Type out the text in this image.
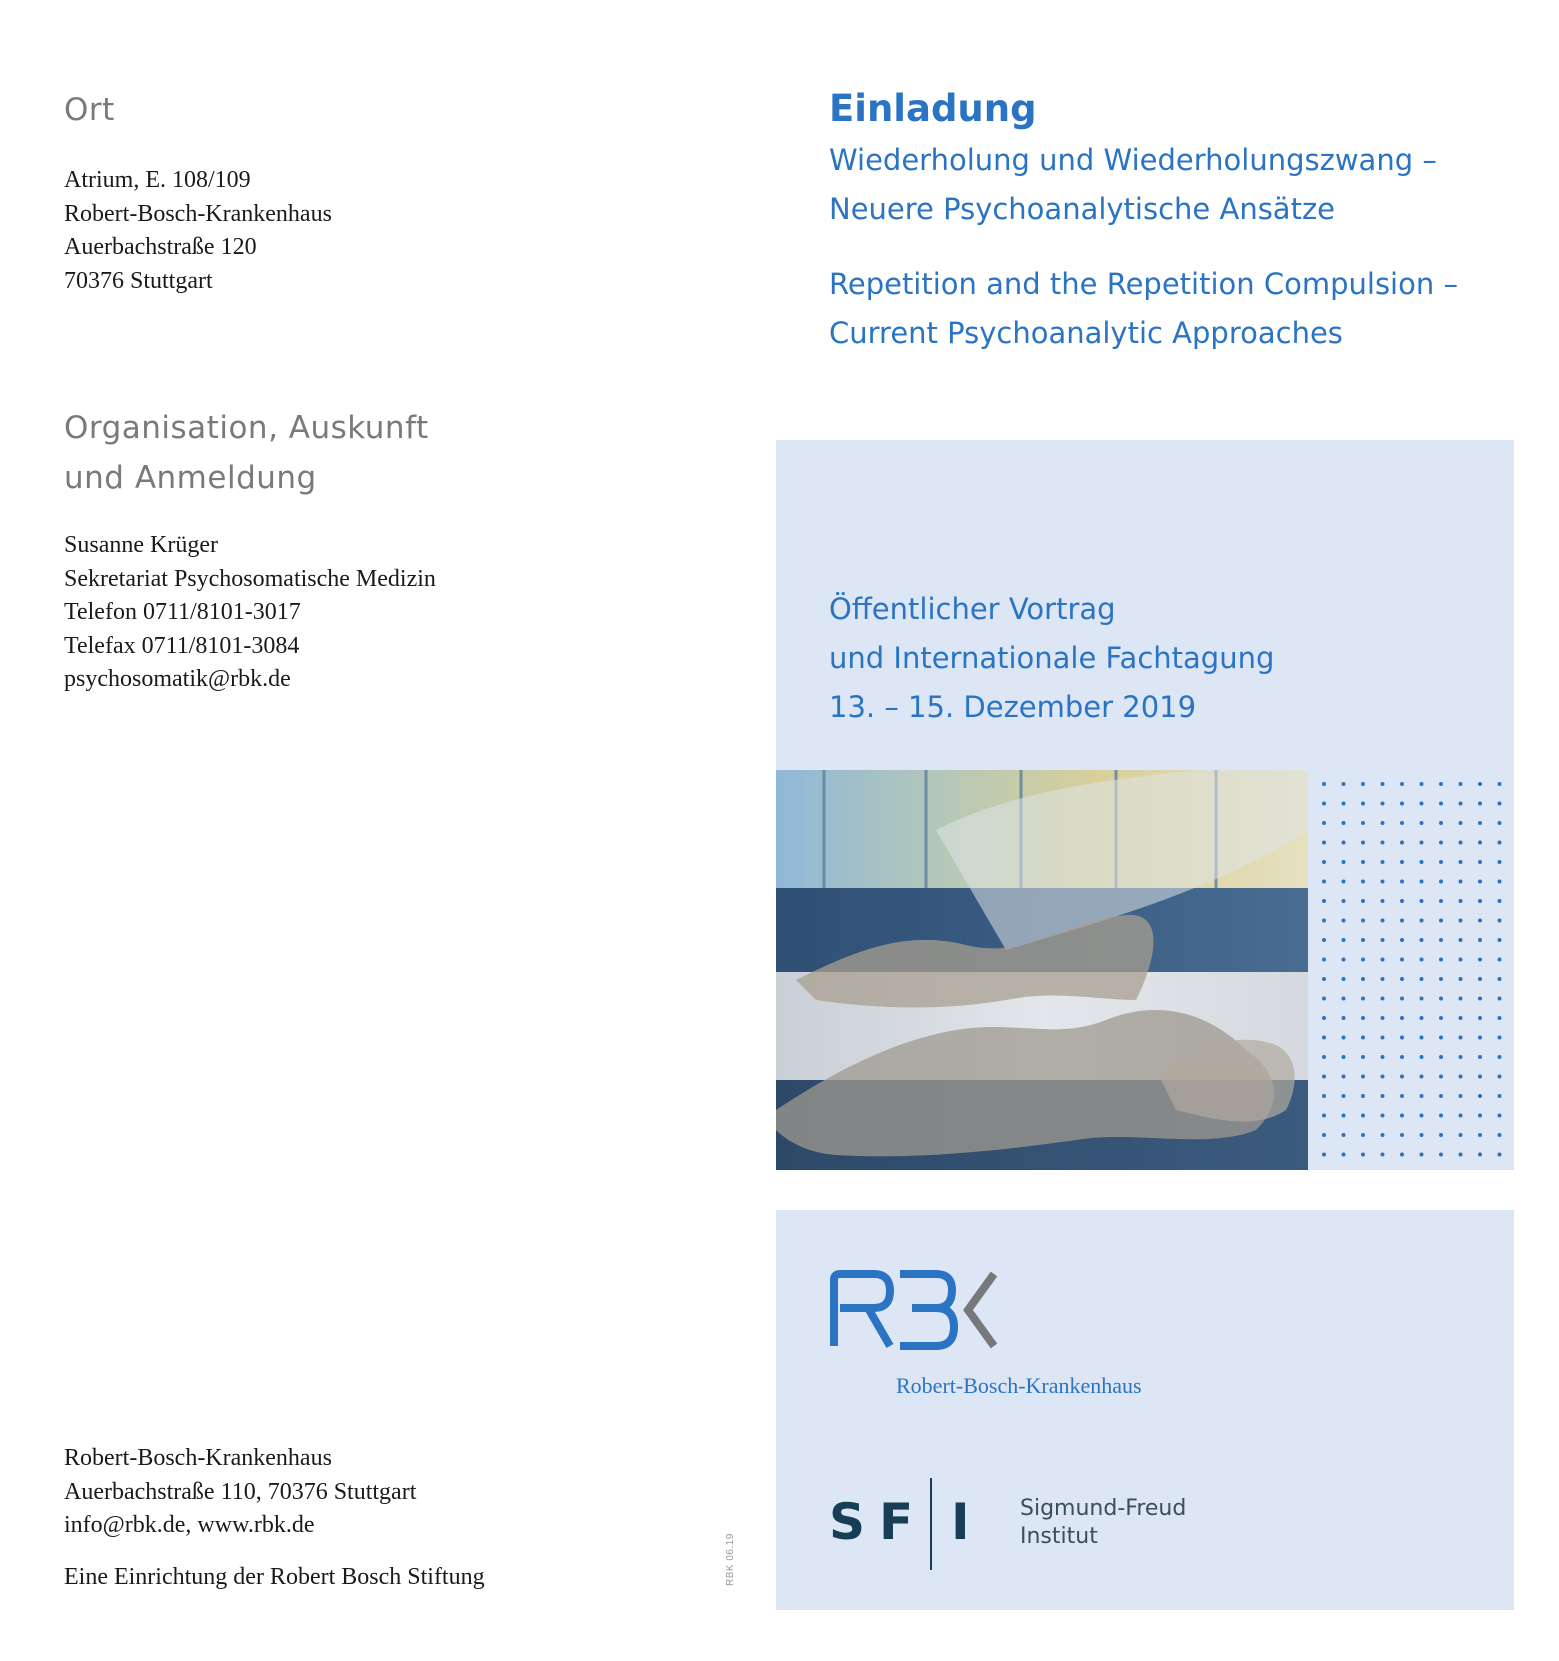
Ort
Atrium, E. 108/109
Robert-Bosch-Krankenhaus
Auerbachstraße 120
70376 Stuttgart
Organisation, Auskunft
und Anmeldung
Susanne Krüger
Sekretariat Psychosomatische Medizin
Telefon 0711/8101-3017
Telefax 0711/8101-3084
psychosomatik@rbk.de
Robert-Bosch-Krankenhaus
Auerbachstraße 110, 70376 Stuttgart
info@rbk.de, www.rbk.de
Eine Einrichtung der Robert Bosch Stiftung	RBK 06.19
Einladung
Wiederholung und Wiederholungszwang –
Neuere Psychoanalytische Ansätze
Repetition and the Repetition Compulsion –
Current Psychoanalytic Approaches
Öffentlicher Vortrag
und Internationale Fachtagung
13. – 15. Dezember 2019
Robert-Bosch-Krankenhaus
S F I Sigmund-Freud
Institut
